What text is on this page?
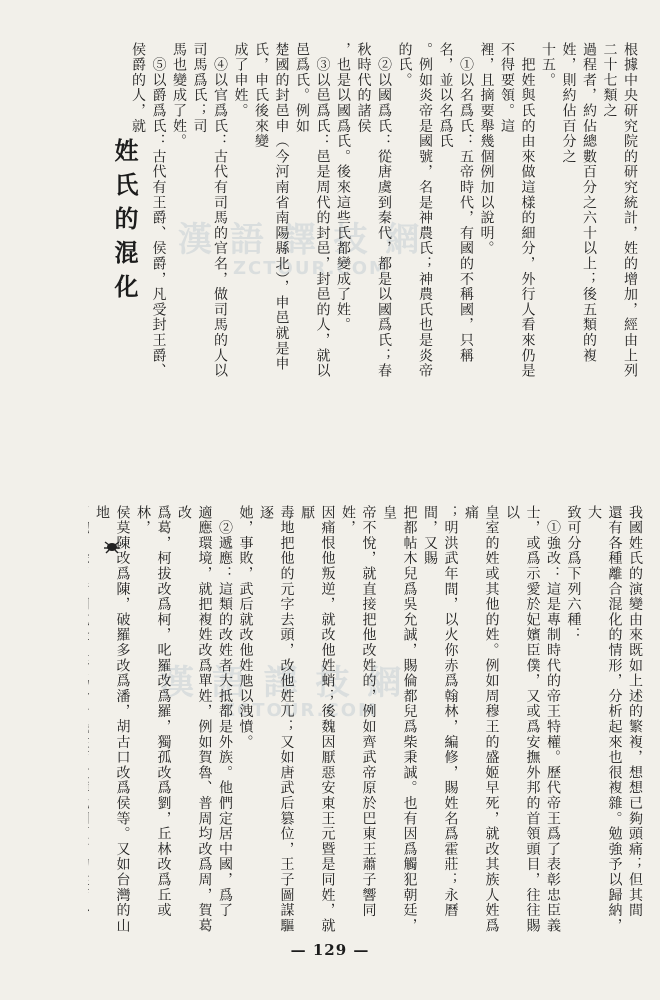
漢 語 譯 技 網
ZCTOUR.COM
漢 語 譯 技 網
ZCTOUR.COM
根據中央研究院的研究統計，姓的增加，經由上列二十七類之
過程者，約佔總數百分之六十以上；後五類的複姓，則約佔百分之
十五。
　把姓與氏的由來做這樣的細分，外行人看來仍是不得要領。這
裡，且摘要舉幾個例加以說明。
　①以名爲氏：五帝時代，有國的不稱國，只稱名，並以名爲氏
。例如炎帝是國號，名是神農氏；神農氏也是炎帝的氏。
　②以國爲氏：從唐虞到秦代，都是以國爲氏；春秋時代的諸侯
，也是以國爲氏。後來這些氏都變成了姓。
　③以邑爲氏：邑是周代的封邑，封邑的人，就以邑爲氏。例如
楚國的封邑申（今河南省南陽縣北），申邑就是申氏，申氏後來變
成了申姓。
　④以官爲氏：古代有司馬的官名，做司馬的人以司馬爲氏；司
馬也變成了姓。
　⑤以爵爲氏：古代有王爵、侯爵，凡受封王爵、侯爵的人，就
姓氏的混化
我國姓氏的演變由來既如上述的繁複，想想已夠頭痛；但其間
還有各種離合混化的情形，分析起來也很複雜。勉強予以歸納，大
致可分爲下列六種：
　①強改：這是專制時代的帝王特權。歷代帝王爲了表彰忠臣義
士，或爲示愛於妃嬪臣僕，又或爲安撫外邦的首領頭目，往往賜以
皇室的姓或其他的姓。例如周穆王的盛姬早死，就改其族人姓爲痛
；明洪武年間，以火你赤爲翰林，編修，賜姓名爲霍莊；永曆間，又賜
把都帖木兒爲吳允誠，賜倫都兒爲柴秉誠。也有因爲觸犯朝廷，皇
帝不悅，就直接把他改姓的，例如齊武帝原於巴東王蕭子響同姓，
因痛恨他叛逆，就改他姓蛸；後魏因厭惡安東王元暨是同姓，就厭
毒地把他的元字去頭，改他姓兀；又如唐武后篡位，王子圖謀驅逐
她，事敗，武后就改他姓虺以洩憤。
　②遞應：這類的改姓者大抵都是外族。他們定居中國，爲了
適應環境，就把複姓改爲單姓，例如賀魯、普周均改爲周，賀葛改
爲葛，柯拔改爲柯，叱羅改爲羅，獨孤改爲劉，丘林改爲丘或林，
侯莫陳改爲陳，破羅多改爲潘，胡古口改爲侯等。又如台灣的山地
— 129 —
